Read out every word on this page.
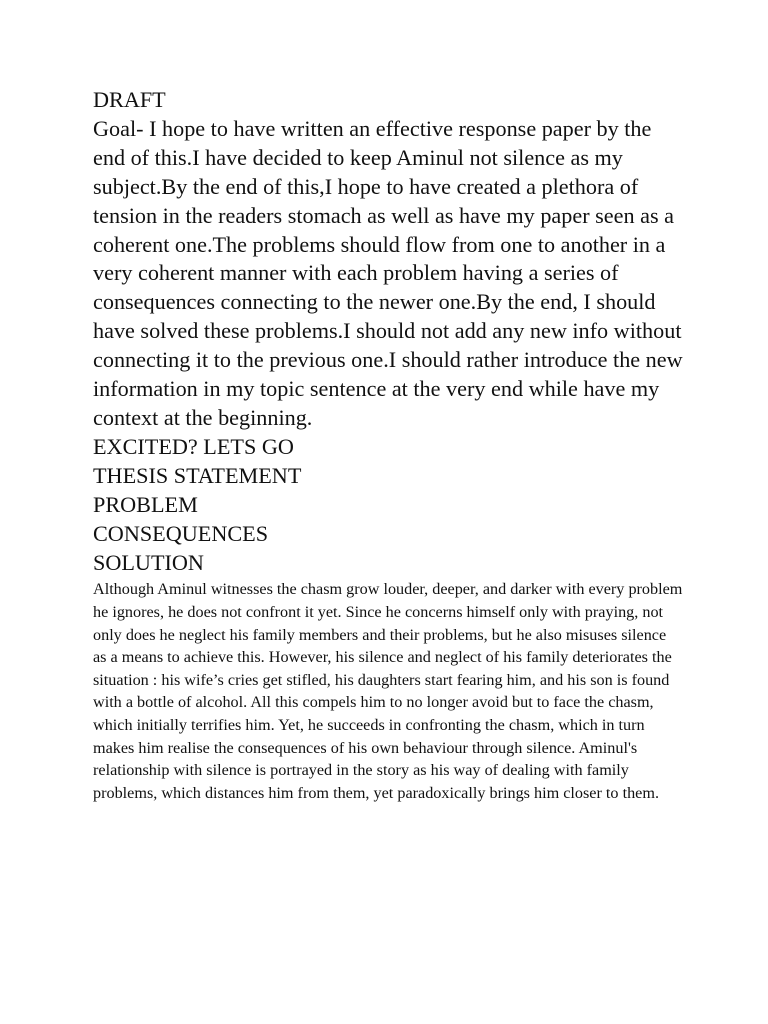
DRAFT

Goal- I hope to have written an effective response paper by the end of this.I have decided to keep Aminul not silence as my subject.By the end of this,I hope to have created a plethora of tension in the readers stomach as well as have my paper seen as a coherent one.The problems should flow from one to another in a very coherent manner with each problem having a series of consequences connecting to the newer one.By the end, I should have solved these problems.I should not add any new info without connecting it to the previous one.I should rather introduce the new information in my topic sentence at the very end while have my context at the beginning.

EXCITED? LETS GO

THESIS STATEMENT

PROBLEM

CONSEQUENCES

SOLUTION

Although Aminul witnesses the chasm grow louder, deeper, and darker with every problem he ignores, he does not confront it yet. Since he concerns himself only with praying, not only does he neglect his family members and their problems, but he also misuses silence as a means to achieve this. However, his silence and neglect of his family deteriorates the situation : his wife’s cries get stifled, his daughters start fearing him, and his son is found with a bottle of alcohol. All this compels him to no longer avoid but to face the chasm, which initially terrifies him. Yet, he succeeds in confronting the chasm, which in turn makes him realise the consequences of his own behaviour through silence. Aminul's relationship with silence is portrayed in the story as his way of dealing with family problems, which distances him from them, yet paradoxically brings him closer to them.
